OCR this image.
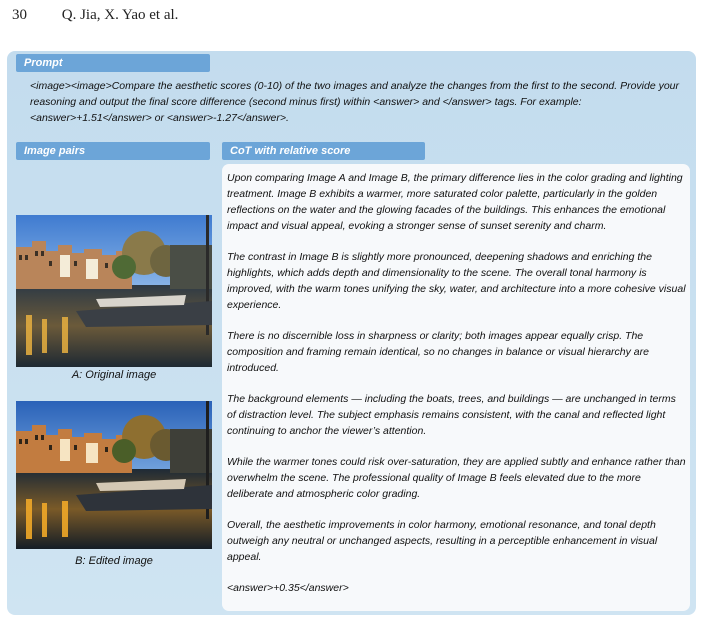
30 Q. Jia, X. Yao et al.
Prompt
<image><image>Compare the aesthetic scores (0-10) of the two images and analyze the changes from the first to the second. Provide your reasoning and output the final score difference (second minus first) within <answer> and </answer> tags. For example: <answer>+1.51</answer> or <answer>-1.27</answer>.
Image pairs	CoT with relative score
A: Original image
B: Edited image

Upon comparing Image A and Image B, the primary difference lies in the color grading and lighting treatment. Image B exhibits a warmer, more saturated color palette, particularly in the golden reflections on the water and the glowing facades of the buildings. This enhances the emotional impact and visual appeal, evoking a stronger sense of sunset serenity and charm.

The contrast in Image B is slightly more pronounced, deepening shadows and enriching the highlights, which adds depth and dimensionality to the scene. The overall tonal harmony is improved, with the warm tones unifying the sky, water, and architecture into a more cohesive visual experience.

There is no discernible loss in sharpness or clarity; both images appear equally crisp. The composition and framing remain identical, so no changes in balance or visual hierarchy are introduced.

The background elements — including the boats, trees, and buildings — are unchanged in terms of distraction level. The subject emphasis remains consistent, with the canal and reflected light continuing to anchor the viewer’s attention.

While the warmer tones could risk over-saturation, they are applied subtly and enhance rather than overwhelm the scene. The professional quality of Image B feels elevated due to the more deliberate and atmospheric color grading.

Overall, the aesthetic improvements in color harmony, emotional resonance, and tonal depth outweigh any neutral or unchanged aspects, resulting in a perceptible enhancement in visual appeal.

<answer>+0.35</answer>
